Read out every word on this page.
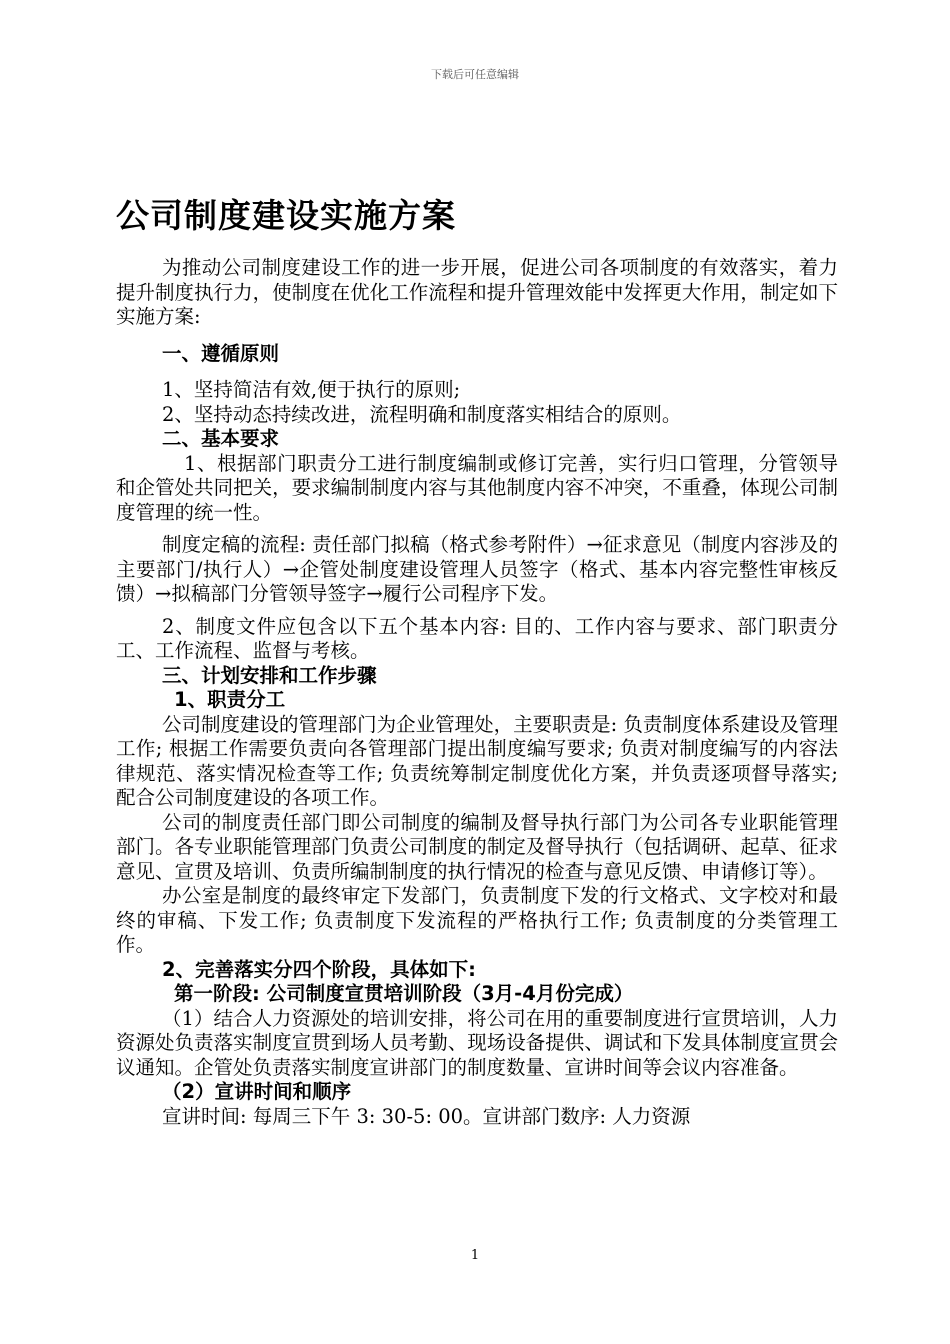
下载后可任意编辑
公司制度建设实施方案

为推动公司制度建设工作的进一步开展，促进公司各项制度的有效落实，着力提升制度执行力，使制度在优化工作流程和提升管理效能中发挥更大作用，制定如下实施方案:

一、遵循原则

1、坚持简洁有效,便于执行的原则;

2、坚持动态持续改进，流程明确和制度落实相结合的原则。

二、基本要求

1、根据部门职责分工进行制度编制或修订完善，实行归口管理，分管领导和企管处共同把关，要求编制制度内容与其他制度内容不冲突，不重叠，体现公司制度管理的统一性。

制度定稿的流程: 责任部门拟稿（格式参考附件）→征求意见（制度内容涉及的主要部门/执行人）→企管处制度建设管理人员签字（格式、基本内容完整性审核反馈）→拟稿部门分管领导签字→履行公司程序下发。

2、制度文件应包含以下五个基本内容: 目的、工作内容与要求、部门职责分工、工作流程、监督与考核。

三、计划安排和工作步骤

1、职责分工

公司制度建设的管理部门为企业管理处，主要职责是: 负责制度体系建设及管理工作; 根据工作需要负责向各管理部门提出制度编写要求; 负责对制度编写的内容法律规范、落实情况检查等工作; 负责统筹制定制度优化方案，并负责逐项督导落实; 配合公司制度建设的各项工作。

公司的制度责任部门即公司制度的编制及督导执行部门为公司各专业职能管理部门。各专业职能管理部门负责公司制度的制定及督导执行（包括调研、起草、征求意见、宣贯及培训、负责所编制制度的执行情况的检查与意见反馈、申请修订等）。

办公室是制度的最终审定下发部门，负责制度下发的行文格式、文字校对和最终的审稿、下发工作; 负责制度下发流程的严格执行工作; 负责制度的分类管理工作。

2、完善落实分四个阶段，具体如下:

第一阶段: 公司制度宣贯培训阶段（3月-4月份完成）

（1）结合人力资源处的培训安排，将公司在用的重要制度进行宣贯培训，人力资源处负责落实制度宣贯到场人员考勤、现场设备提供、调试和下发具体制度宣贯会议通知。企管处负责落实制度宣讲部门的制度数量、宣讲时间等会议内容准备。

（2）宣讲时间和顺序

宣讲时间: 每周三下午 3: 30-5: 00。宣讲部门数序: 人力资源

1
